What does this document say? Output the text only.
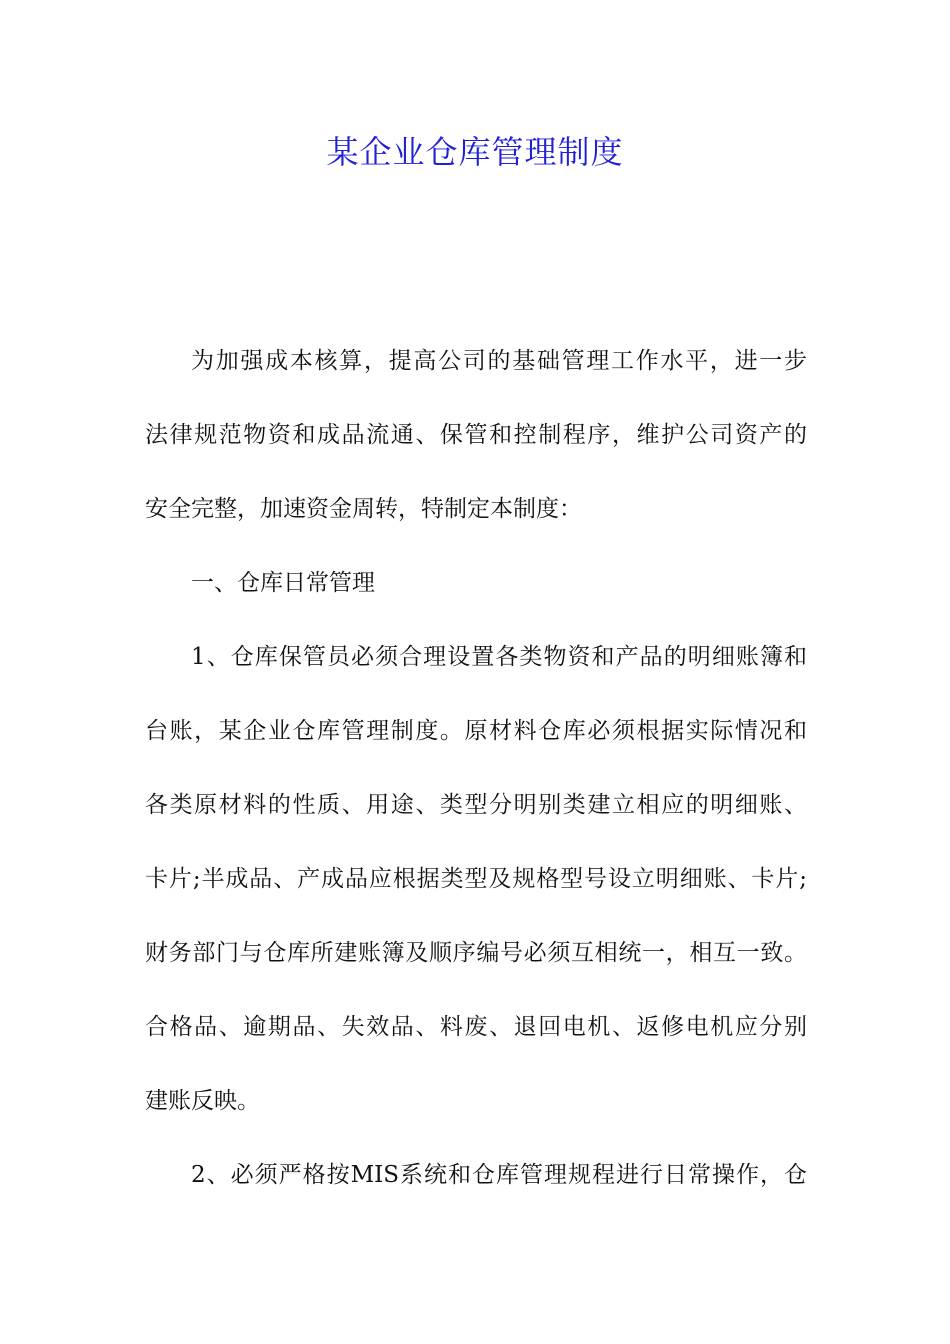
某企业仓库管理制度
为加强成本核算，提高公司的基础管理工作水平，进一步
法律规范物资和成品流通、保管和控制程序，维护公司资产的
安全完整，加速资金周转，特制定本制度：
一、仓库日常管理
1、仓库保管员必须合理设置各类物资和产品的明细账簿和
台账，某企业仓库管理制度。原材料仓库必须根据实际情况和
各类原材料的性质、用途、类型分明别类建立相应的明细账、
卡片;半成品、产成品应根据类型及规格型号设立明细账、卡片;
财务部门与仓库所建账簿及顺序编号必须互相统一，相互一致。
合格品、逾期品、失效品、料废、退回电机、返修电机应分别
建账反映。
2、必须严格按MIS系统和仓库管理规程进行日常操作，仓
